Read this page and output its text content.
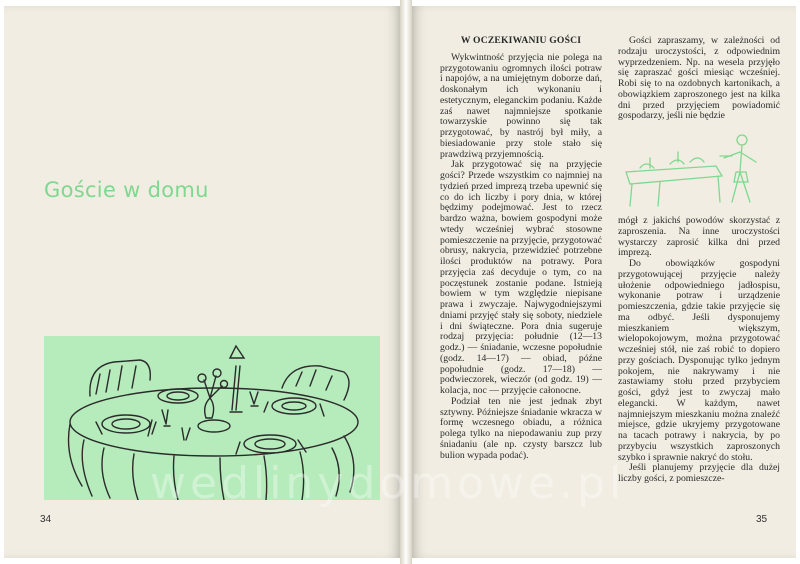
Goście w domu
34	35
W OCZEKIWANIU GOŚCI

Wykwintność przyjęcia nie polega na przygotowaniu ogromnych ilości potraw i napojów, a na umiejętnym doborze dań, doskonałym ich wykonaniu i estetycznym, eleganckim podaniu. Każde zaś nawet najmniejsze spotkanie towarzyskie powinno się tak przygotować, by nastrój był miły, a biesiadowanie przy stole stało się prawdziwą przyjemnością.

Jak przygotować się na przyjęcie gości? Przede wszystkim co najmniej na tydzień przed imprezą trzeba upewnić się co do ich liczby i pory dnia, w której będzimy podejmować. Jest to rzecz bardzo ważna, bowiem gospodyni może wtedy wcześniej wybrać stosowne pomieszczenie na przyjęcie, przygotować obrusy, nakrycia, przewidzieć potrzebne ilości produktów na potrawy. Pora przyjęcia zaś decyduje o tym, co na poczęstunek zostanie podane. Istnieją bowiem w tym względzie niepisane prawa i zwyczaje. Najwygodniejszymi dniami przyjęć stały się soboty, niedziele i dni świąteczne. Pora dnia sugeruje rodzaj przyjęcia: południe (12—13 godz.) — śniadanie, wczesne popołudnie (godz. 14—17) — obiad, późne popołudnie (godz. 17—18) — podwieczorek, wieczór (od godz. 19) — kolacja, noc — przyjęcie całonocne.

Podział ten nie jest jednak zbyt sztywny. Późniejsze śniadanie wkracza w formę wczesnego obiadu, a różnica polega tylko na niepodawaniu zup przy śniadaniu (ale np. czysty barszcz lub bulion wypada podać).

Gości zapraszamy, w zależności od rodzaju uroczystości, z odpowiednim wyprzedzeniem. Np. na wesela przyjęło się zapraszać gości miesiąc wcześniej. Robi się to na ozdobnych kartonikach, a obowiązkiem zaproszonego jest na kilka dni przed przyjęciem powiadomić gospodarzy, jeśli nie będzie

mógł z jakichś powodów skorzystać z zaproszenia. Na inne uroczystości wystarczy zaprosić kilka dni przed imprezą.

Do obowiązków gospodyni przygotowującej przyjęcie należy ułożenie odpowiedniego jadłospisu, wykonanie potraw i urządzenie pomieszczenia, gdzie takie przyjęcie się ma odbyć. Jeśli dysponujemy mieszkaniem większym, wielopokojowym, można przygotować wcześniej stół, nie zaś robić to dopiero przy gościach. Dysponując tylko jednym pokojem, nie nakrywamy i nie zastawiamy stołu przed przybyciem gości, gdyż jest to zwyczaj mało elegancki. W każdym, nawet najmniejszym mieszkaniu można znaleźć miejsce, gdzie ukryjemy przygotowane na tacach potrawy i nakrycia, by po przybyciu wszystkich zaproszonych szybko i sprawnie nakryć do stołu.

Jeśli planujemy przyjęcie dla dużej liczby gości, z pomieszcze-

wedlinydomowe.pl
